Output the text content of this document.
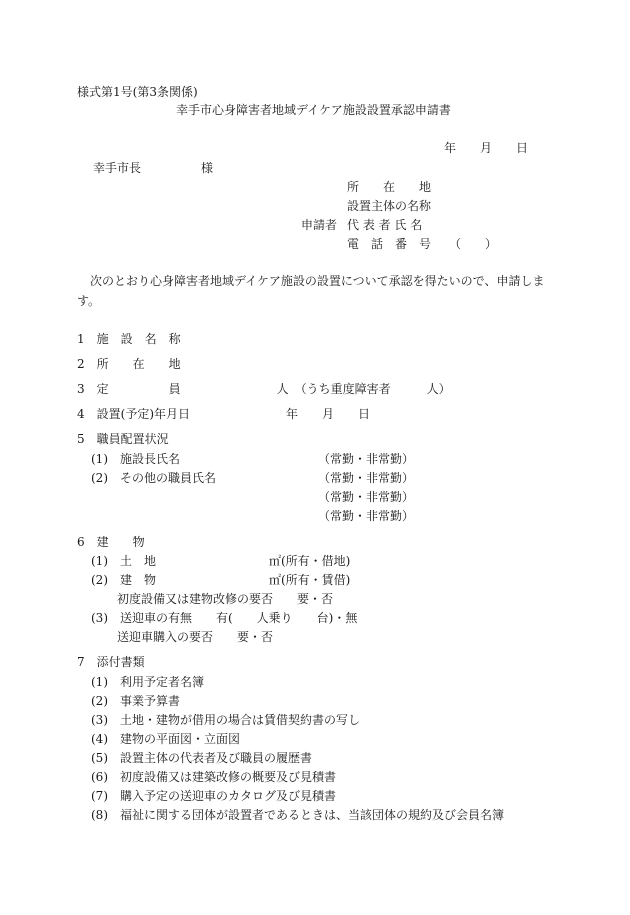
様式第1号(第3条関係)
幸手市心身障害者地域デイケア施設設置承認申請書
年　　月　　日
幸手市長　　　　　様
所　　在　　地
設置主体の名称
申請者 代 表 者 氏 名
電　話　番　号　　（　　）
次のとおり心身障害者地域デイケア施設の設置について承認を得たいので、申請します。
1　施　設　名　称
2　所　　在　　地
3　定　　　　　員　　　　　　　　人　（うち重度障害者　　　人）
4　設置(予定)年月日　　　　　　　　年　　月　　日
5　職員配置状況
(1)　施設長氏名	（常勤・非常勤）
(2)　その他の職員氏名	（常勤・非常勤）
（常勤・非常勤）
（常勤・非常勤）
6　建　　物
(1)　土　地	㎡(所有・借地)
(2)　建　物	㎡(所有・賃借)
初度設備又は建物改修の要否　　要・否
(3)　送迎車の有無　　有(　　人乗り　　台)・無
送迎車購入の要否　　要・否
7　添付書類
(1)　利用予定者名簿
(2)　事業予算書
(3)　土地・建物が借用の場合は賃借契約書の写し
(4)　建物の平面図・立面図
(5)　設置主体の代表者及び職員の履歴書
(6)　初度設備又は建築改修の概要及び見積書
(7)　購入予定の送迎車のカタログ及び見積書
(8)　福祉に関する団体が設置者であるときは、当該団体の規約及び会員名簿
